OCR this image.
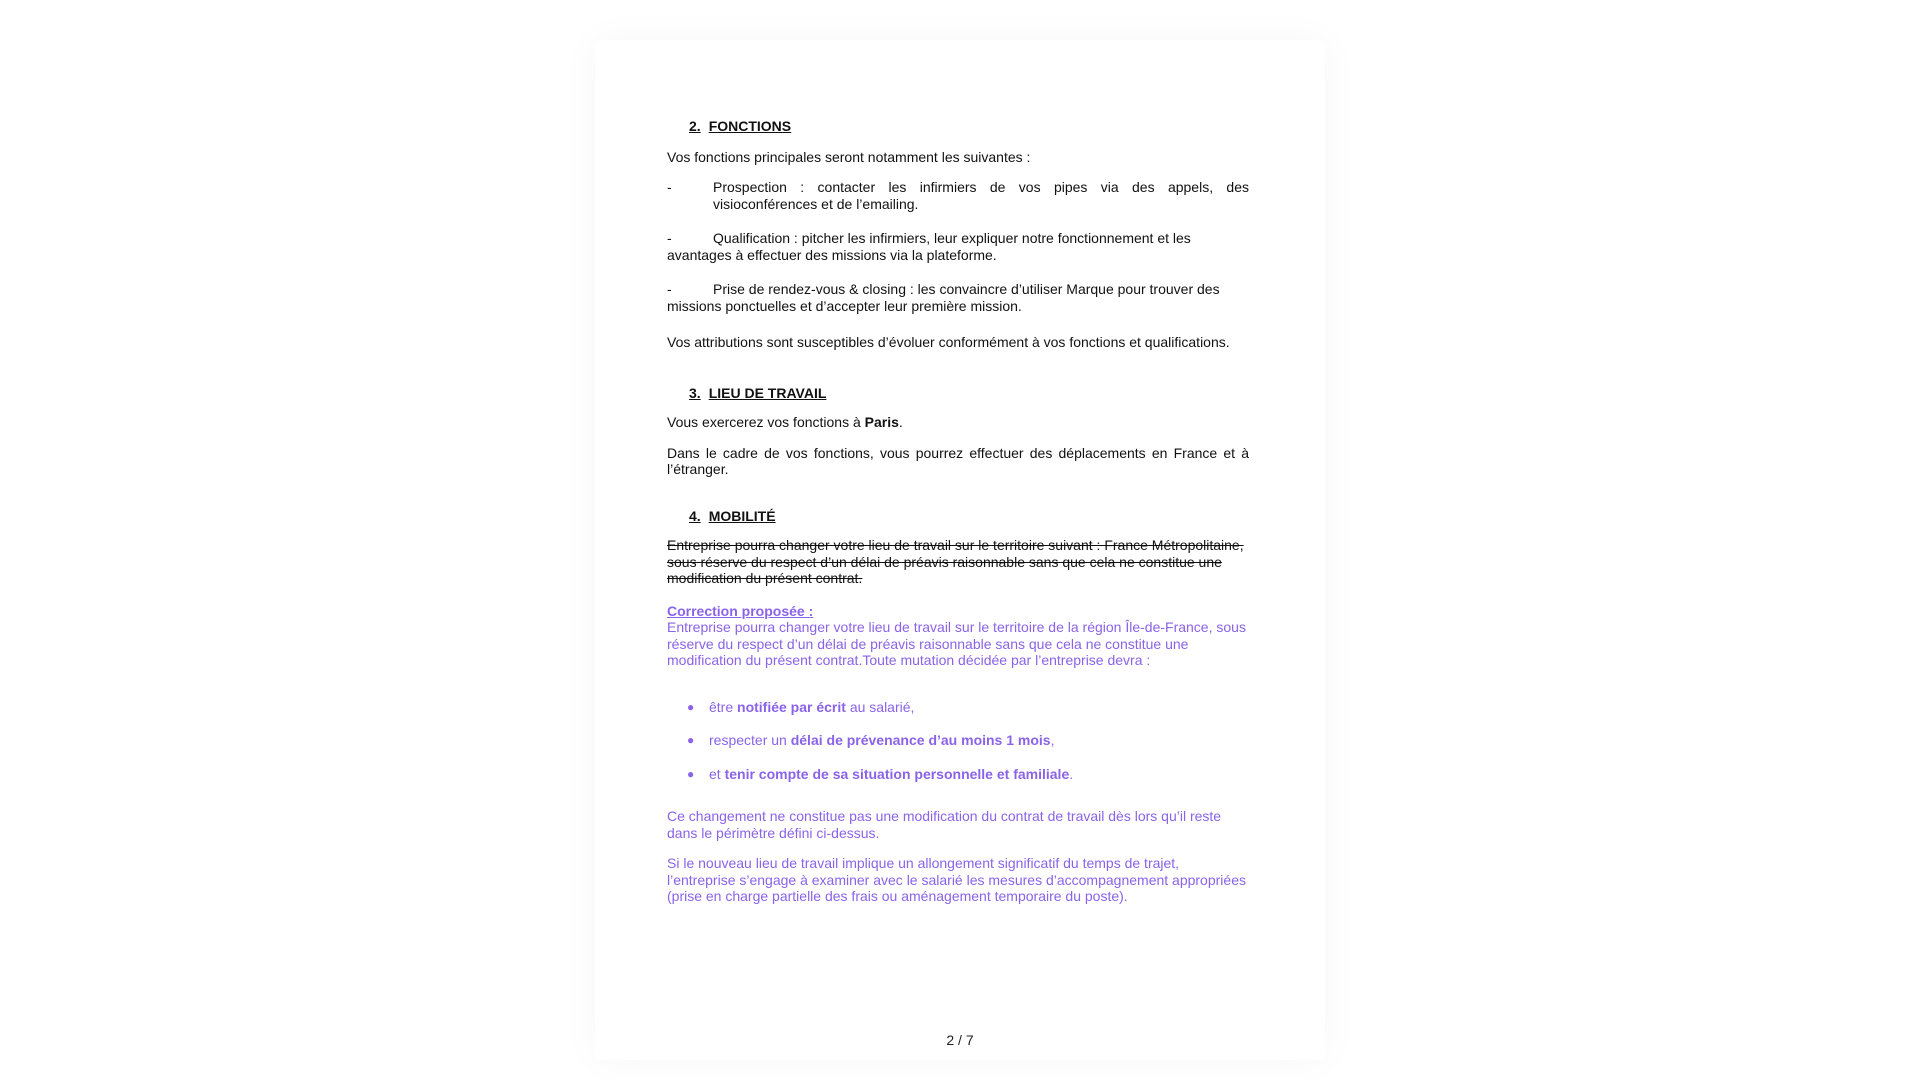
2. FONCTIONS

Vos fonctions principales seront notamment les suivantes :

-	Prospection : contacter les infirmiers de vos pipes via des appels, des visioconférences et de l’emailing.
-	Qualification : pitcher les infirmiers, leur expliquer notre fonctionnement et les avantages à effectuer des missions via la plateforme.
-	Prise de rendez-vous & closing : les convaincre d’utiliser Marque pour trouver des missions ponctuelles et d’accepter leur première mission.

Vos attributions sont susceptibles d’évoluer conformément à vos fonctions et qualifications.

3. LIEU DE TRAVAIL

Vous exercerez vos fonctions à Paris.

Dans le cadre de vos fonctions, vous pourrez effectuer des déplacements en France et à l’étranger.

4. MOBILITÉ

Entreprise pourra changer votre lieu de travail sur le territoire suivant : France Métropolitaine, sous réserve du respect d’un délai de préavis raisonnable sans que cela ne constitue une modification du présent contrat.

Correction proposée :

Entreprise pourra changer votre lieu de travail sur le territoire de la région Île-de-France, sous réserve du respect d’un délai de préavis raisonnable sans que cela ne constitue une modification du présent contrat.Toute mutation décidée par l’entreprise devra :

●	être notifiée par écrit au salarié,
●	respecter un délai de prévenance d’au moins 1 mois,
●	et tenir compte de sa situation personnelle et familiale.

Ce changement ne constitue pas une modification du contrat de travail dès lors qu’il reste dans le périmètre défini ci-dessus.

Si le nouveau lieu de travail implique un allongement significatif du temps de trajet, l’entreprise s’engage à examiner avec le salarié les mesures d’accompagnement appropriées (prise en charge partielle des frais ou aménagement temporaire du poste).

2 / 7
